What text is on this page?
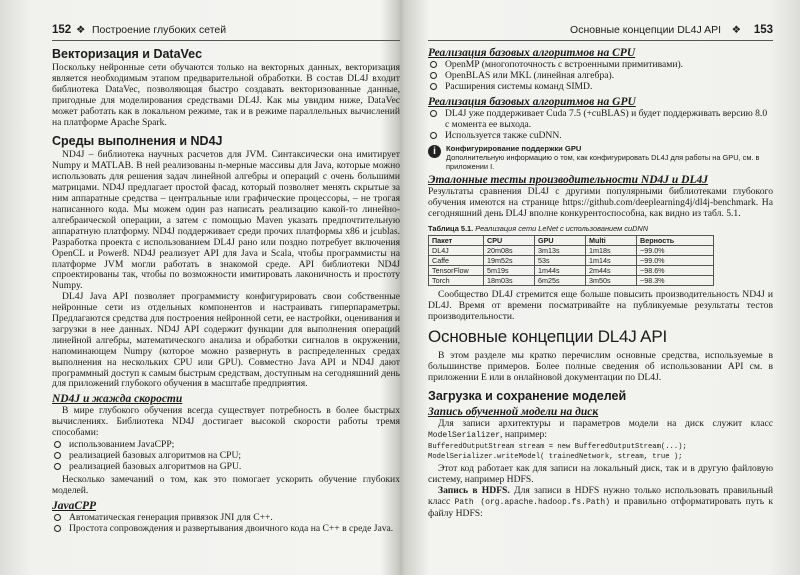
152 ❖ Построение глубоких сетей
Векторизация и DataVec

Поскольку нейронные сети обучаются только на векторных данных, векторизация является необходимым этапом предварительной обработки. В состав DL4J входит библиотека DataVec, позволяющая быстро создавать векторизованные данные, пригодные для моделирования средствами DL4J. Как мы увидим ниже, DataVec может работать как в локальном режиме, так и в режиме параллельных вычислений на платформе Apache Spark.

Среды выполнения и ND4J

ND4J – библиотека научных расчетов для JVM. Синтаксически она имитирует Numpy и MATLAB. В ней реализованы n-мерные массивы для Java, которые можно использовать для решения задач линейной алгебры и операций с очень большими матрицами. ND4J предлагает простой фасад, который позволяет менять скрытые за ним аппаратные средства – центральные или графические процессоры, – не трогая написанного кода. Мы можем один раз написать реализацию какой-то линейно-алгебраической операции, а затем с помощью Maven указать предпочтительную аппаратную платформу. ND4J поддерживает среди прочих платформы x86 и jcublas. Разработка проекта с использованием DL4J рано или поздно потребует включения OpenCL и Power8. ND4J реализует API для Java и Scala, чтобы программисты на платформе JVM могли работать в знакомой среде. API библиотеки ND4J спроектированы так, чтобы по возможности имитировать лаконичность и простоту Numpy.

DL4J Java API позволяет программисту конфигурировать свои собственные нейронные сети из отдельных компонентов и настраивать гиперпараметры. Предлагаются средства для построения нейронной сети, ее настройки, оценивания и загрузки в нее данных. ND4J API содержит функции для выполнения операций линейной алгебры, математического анализа и обработки сигналов в окружении, напоминающем Numpy (которое можно развернуть в распределенных средах выполнения на нескольких CPU или GPU). Совместно Java API и ND4J дают программный доступ к самым быстрым средствам, доступным на сегодняшний день для приложений глубокого обучения в масштабе предприятия.

ND4J и жажда скорости

В мире глубокого обучения всегда существует потребность в более быстрых вычислениях. Библиотека ND4J достигает высокой скорости работы тремя способами:

использованием JavaCPP;
реализацией базовых алгоритмов на CPU;
реализацией базовых алгоритмов на GPU.

Несколько замечаний о том, как это помогает ускорить обучение глубоких моделей.

JavaCPP
Автоматическая генерация привязок JNI для C++.
Простота сопровождения и развертывания двоичного кода на C++ в среде Java.
Основные концепции DL4J API ❖ 153
Реализация базовых алгоритмов на CPU
OpenMP (многопоточность с встроенными примитивами).
OpenBLAS или MKL (линейная алгебра).
Расширения системы команд SIMD.
Реализация базовых алгоритмов на GPU
DL4J уже поддерживает Cuda 7.5 (+cuBLAS) и будет поддерживать версию 8.0 с момента ее выхода.
Используется также cuDNN.
i	Конфигурирование поддержки GPU
Дополнительную информацию о том, как конфигурировать DL4J для работы на GPU, см. в приложении I.
Эталонные тесты производительности ND4J и DL4J

Результаты сравнения DL4J с другими популярными библиотеками глубокого обучения имеются на странице https://github.com/deeplearning4j/dl4j-benchmark. На сегодняшний день DL4J вполне конкурентоспособна, как видно из табл. 5.1.

Таблица 5.1. Реализация сети LeNet с использованием cuDNN
Пакет	CPU	GPU	Multi	Верность
DL4J	20m08s	3m13s	1m18s	~99.0%
Caffe	19m52s	53s	1m14s	~99.0%
TensorFlow	5m19s	1m44s	2m44s	~98.6%
Torch	18m03s	6m25s	3m50s	~98.3%

Сообщество DL4J стремится еще больше повысить производительность ND4J и DL4J. Время от времени посматривайте на публикуемые результаты тестов производительности.

Основные концепции DL4J API

В этом разделе мы кратко перечислим основные средства, используемые в большинстве примеров. Более полные сведения об использовании API см. в приложении E или в онлайновой документации по DL4J.

Загрузка и сохранение моделей
Запись обученной модели на диск

Для записи архитектуры и параметров модели на диск служит класс ModelSerializer, например:

BufferedOutputStream stream = new BufferedOutputStream(...);
ModelSerializer.writeModel( trainedNetwork, stream, true );

Этот код работает как для записи на локальный диск, так и в другую файловую систему, например HDFS.

Запись в HDFS. Для записи в HDFS нужно только использовать правильный класс Path (org.apache.hadoop.fs.Path) и правильно отформатировать путь к файлу HDFS:
